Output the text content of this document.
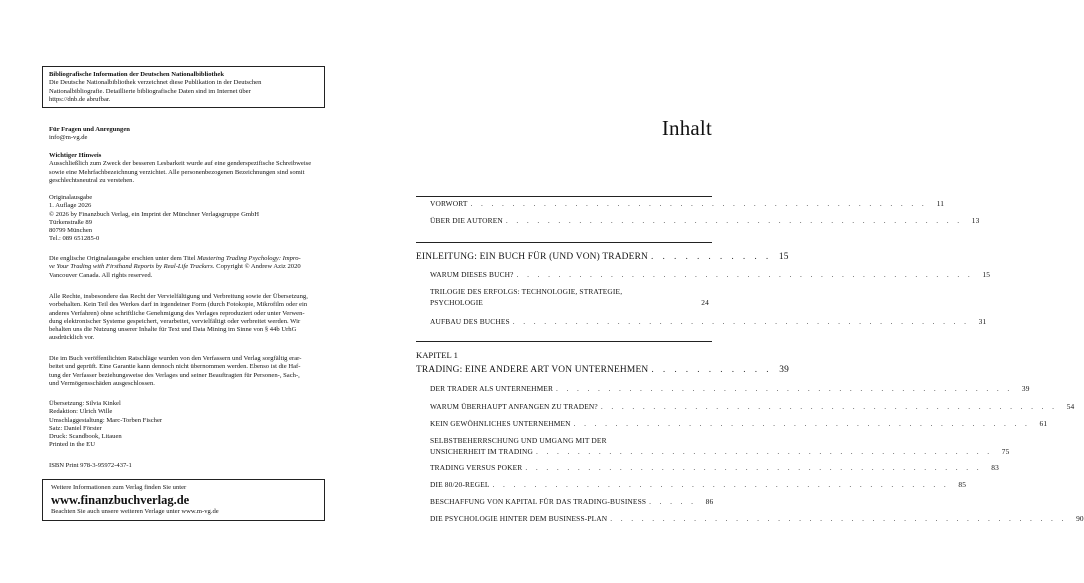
Bibliografische Information der Deutschen Nationalbibliothek

Die Deutsche Nationalbibliothek verzeichnet diese Publikation in der Deutschen

Nationalbibliografie. Detaillierte bibliografische Daten sind im Internet über

https://dnb.de abrufbar.

Für Fragen und Anregungen

info@m-vg.de

Wichtiger Hinweis

Ausschließlich zum Zweck der besseren Lesbarkeit wurde auf eine genderspezifische Schreibweise

sowie eine Mehrfachbezeichnung verzichtet. Alle personenbezogenen Bezeichnungen sind somit

geschlechtsneutral zu verstehen.

Originalausgabe

1. Auflage 2026

© 2026 by Finanzbuch Verlag, ein Imprint der Münchner Verlagsgruppe GmbH

Türkenstraße 89

80799 München

Tel.: 089 651285-0

Die englische Originalausgabe erschien unter dem Titel Mastering Trading Psychology: Impro-

ve Your Trading with Firsthand Reports by Real-Life Trackers. Copyright © Andrew Aziz 2020

Vancouver Canada. All rights reserved.

Alle Rechte, insbesondere das Recht der Vervielfältigung und Verbreitung sowie der Übersetzung,

vorbehalten. Kein Teil des Werkes darf in irgendeiner Form (durch Fotokopie, Mikrofilm oder ein

anderes Verfahren) ohne schriftliche Genehmigung des Verlages reproduziert oder unter Verwen-

dung elektronischer Systeme gespeichert, verarbeitet, vervielfältigt oder verbreitet werden. Wir

behalten uns die Nutzung unserer Inhalte für Text und Data Mining im Sinne von § 44b UrhG

ausdrücklich vor.

Die im Buch veröffentlichten Ratschläge wurden von den Verfassern und Verlag sorgfältig erar-

beitet und geprüft. Eine Garantie kann dennoch nicht übernommen werden. Ebenso ist die Haf-

tung der Verfasser beziehungsweise des Verlages und seiner Beauftragten für Personen-, Sach-,

und Vermögensschäden ausgeschlossen.

Übersetzung: Silvia Kinkel

Redaktion: Ulrich Wille

Umschlaggestaltung: Marc-Torben Fischer

Satz: Daniel Förster

Druck: Scandbook, Litauen

Printed in the EU

ISBN Print 978-3-95972-437-1

Weitere Informationen zum Verlag finden Sie unter

www.finanzbuchverlag.de

Beachten Sie auch unsere weiteren Verlage unter www.m-vg.de

Inhalt
VORWORT . . . . . . . . . . . . . . . . . . . . . . . . . . . . . . . . . . . . . . . . . . . .	11
ÜBER DIE AUTOREN . . . . . . . . . . . . . . . . . . . . . . . . . . . . . . . . . . . . . . . . . . . .	13
EINLEITUNG: EIN BUCH FÜR (UND VON) TRADERN . . . . . . . . . . . 15
WARUM DIESES BUCH? . . . . . . . . . . . . . . . . . . . . . . . . . . . . . . . . . . . . . . . . . . . .	15
TRILOGIE DES ERFOLGS: TECHNOLOGIE, STRATEGIE,
PSYCHOLOGIE	24
AUFBAU DES BUCHES . . . . . . . . . . . . . . . . . . . . . . . . . . . . . . . . . . . . . . . . . . . .	31
KAPITEL 1
TRADING: EINE ANDERE ART VON UNTERNEHMEN . . . . . . . . . . . 39
DER TRADER ALS UNTERNEHMER . . . . . . . . . . . . . . . . . . . . . . . . . . . . . . . . . . . . . . . . . . . .	39
WARUM ÜBERHAUPT ANFANGEN ZU TRADEN? . . . . . . . . . . . . . . . . . . . . . . . . . . . . . . . . . . . . . . . . . . . .	54
KEIN GEWÖHNLICHES UNTERNEHMEN . . . . . . . . . . . . . . . . . . . . . . . . . . . . . . . . . . . . . . . . . . . .	61
SELBSTBEHERRSCHUNG UND UMGANG MIT DER
UNSICHERHEIT IM TRADING . . . . . . . . . . . . . . . . . . . . . . . . . . . . . . . . . . . . . . . . . . . .	75
TRADING VERSUS POKER . . . . . . . . . . . . . . . . . . . . . . . . . . . . . . . . . . . . . . . . . . . .	83
DIE 80/20-REGEL . . . . . . . . . . . . . . . . . . . . . . . . . . . . . . . . . . . . . . . . . . . .	85
BESCHAFFUNG VON KAPITAL FÜR DAS TRADING-BUSINESS . . . . .	86
DIE PSYCHOLOGIE HINTER DEM BUSINESS-PLAN . . . . . . . . . . . . . . . . . . . . . . . . . . . . . . . . . . . . . . . . . . . .	90
